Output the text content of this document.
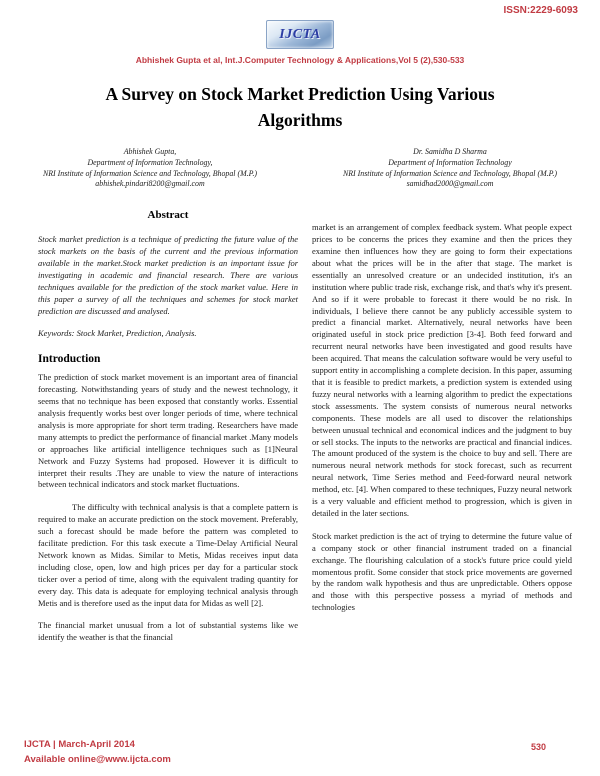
ISSN:2229-6093
IJCTA
Abhishek Gupta et al, Int.J.Computer Technology & Applications,Vol 5 (2),530-533
A Survey on Stock Market Prediction Using Various Algorithms
Abhishek Gupta,
Department of Information Technology,
NRI Institute of Information Science and Technology, Bhopal (M.P.)
abhishek.pindari8200@gmail.com
Dr. Samidha D Sharma
Department of Information Technology
NRI Institute of Information Science and Technology, Bhopal (M.P.)
samidhad2000@gmail.com
Abstract

Stock market prediction is a technique of predicting the future value of the stock markets on the basis of the current and the previous information available in the market.Stock market prediction is an important issue for investigating in academic and financial research. There are various techniques available for the prediction of the stock market value. Here in this paper a survey of all the techniques and schemes for stock market prediction are discussed and analysed.

Keywords: Stock Market, Prediction, Analysis.

Introduction

The prediction of stock market movement is an important area of financial forecasting. Notwithstanding years of study and the newest technology, it seems that no technique has been exposed that constantly works. Essential analysis frequently works best over longer periods of time, where technical analysis is more appropriate for short term trading. Researchers have made many attempts to predict the performance of financial market .Many models or approaches like artificial intelligence techniques such as [1]Neural Network and Fuzzy Systems had proposed. However it is difficult to interpret their results .They are unable to view the nature of interactions between technical indicators and stock market fluctuations.

The difficulty with technical analysis is that a complete pattern is required to make an accurate prediction on the stock movement. Preferably, such a forecast should be made before the pattern was completed to facilitate prediction. For this task execute a Time-Delay Artificial Neural Network known as Midas. Similar to Metis, Midas receives input data including close, open, low and high prices per day for a particular stock ticker over a period of time, along with the equivalent trading quantity for every day. This data is adequate for employing technical analysis through Metis and is therefore used as the input data for Midas as well [2].

The financial market unusual from a lot of substantial systems like we identify the weather is that the financial

market is an arrangement of complex feedback system. What people expect prices to be concerns the prices they examine and then the prices they examine then influences how they are going to form their expectations about what the prices will be in the after that stage. The market is essentially an unresolved creature or an undecided institution, it's an institution where public trade risk, exchange risk, and that's why it's present. And so if it were probable to forecast it there would be no risk. In individuals, I believe there cannot be any publicly accessible system to predict a financial market. Alternatively, neural networks have been originated useful in stock price prediction [3-4]. Both feed forward and recurrent neural networks have been investigated and good results have been acquired. That means the calculation software would be very useful to support entity in accomplishing a complete decision. In this paper, assuming that it is feasible to predict markets, a prediction system is extended using fuzzy neural networks with a learning algorithm to predict the expectations stock assessments. The system consists of numerous neural networks components. These models are all used to discover the relationships between unusual technical and economical indices and the judgment to buy or sell stocks. The inputs to the networks are practical and financial indices. The amount produced of the system is the choice to buy and sell. There are numerous neural network methods for stock forecast, such as recurrent neural network, Time Series method and Feed-forward neural network method, etc. [4]. When compared to these techniques, Fuzzy neural network is a very valuable and efficient method to progression, which is given in detailed in the later sections.

Stock market prediction is the act of trying to determine the future value of a company stock or other financial instrument traded on a financial exchange. The flourishing calculation of a stock's future price could yield momentous profit. Some consider that stock price movements are governed by the random walk hypothesis and thus are unpredictable. Others oppose and those with this perspective possess a myriad of methods and technologies

IJCTA | March-April 2014
Available online@www.ijcta.com
530
